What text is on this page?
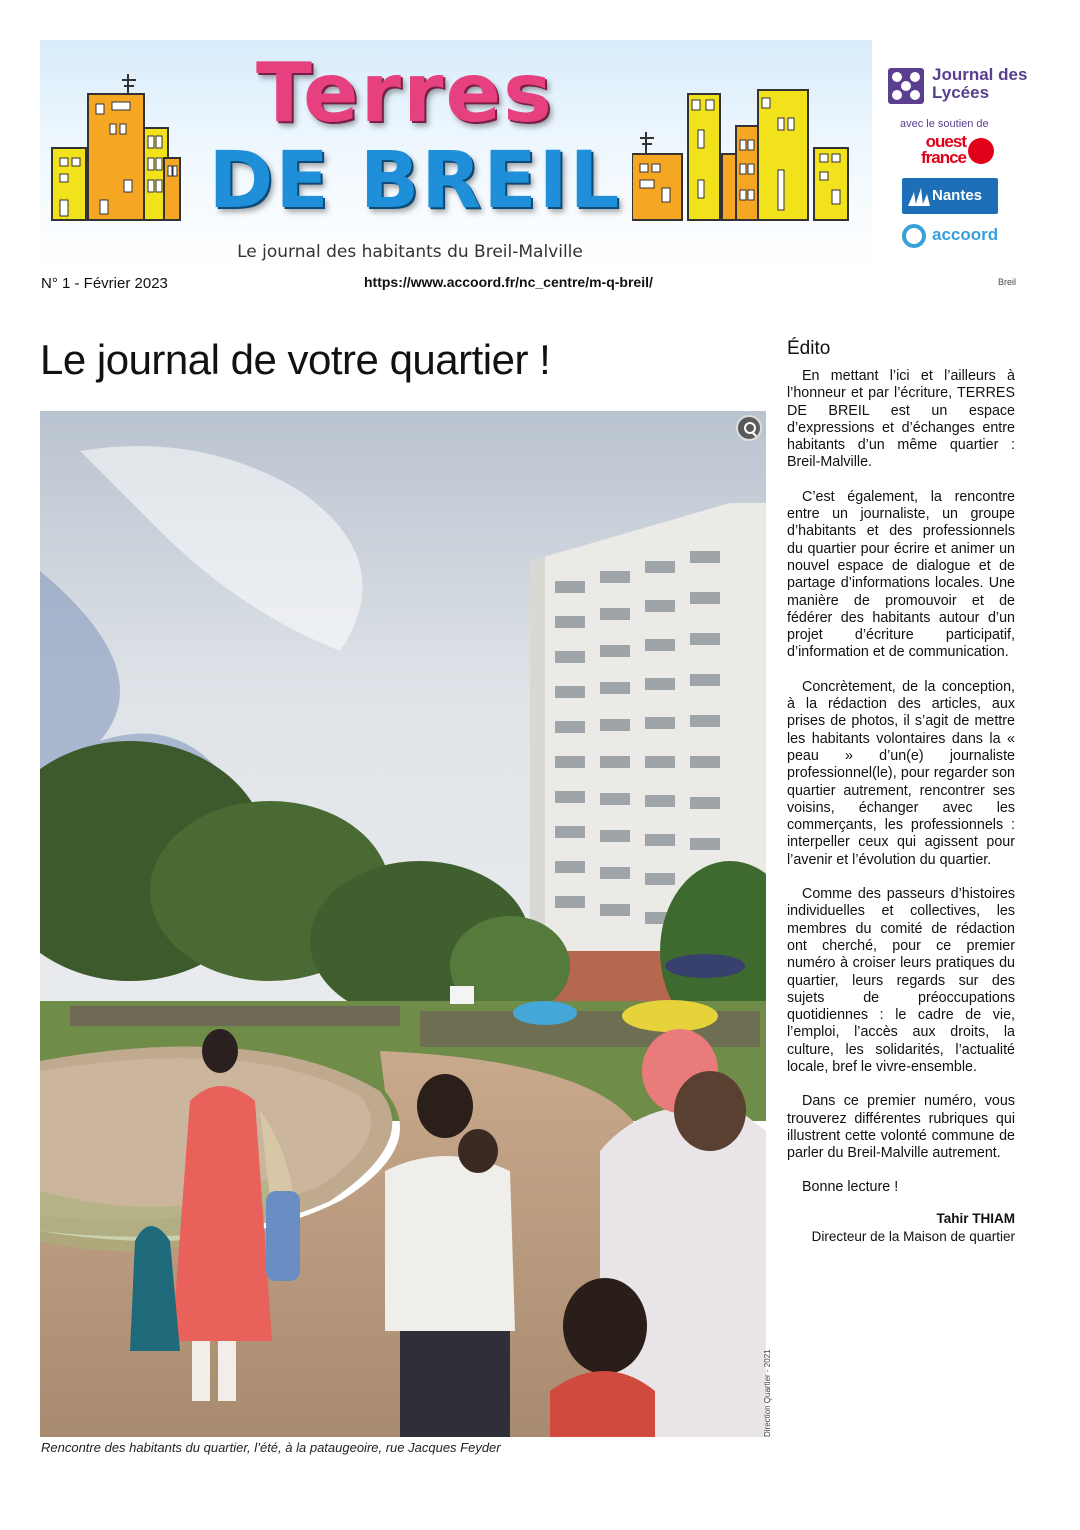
Terres
DE BREIL
Le journal des habitants du Breil-Malville
Journal des Lycées
avec le soutien de
ouest france
Nantes
accoord
N° 1 - Février 2023	https://www.accoord.fr/nc_centre/m-q-breil/	Breil
Le journal de votre quartier !
Direction Quartier - 2021
Rencontre des habitants du quartier, l’été, à la pataugeoire, rue Jacques Feyder
Édito

En mettant l’ici et l’ailleurs à l’honneur et par l’écriture, TERRES DE BREIL est un espace d’expressions et d’échanges entre habitants d’un même quartier : Breil-Malville.

C’est également, la rencontre entre un journaliste, un groupe d’habitants et des professionnels du quartier pour écrire et animer un nouvel espace de dialogue et de partage d’informations locales. Une manière de promouvoir et de fédérer des habitants autour d’un projet d’écriture participatif, d’information et de communication.

Concrètement, de la conception, à la rédaction des articles, aux prises de photos, il s’agit de mettre les habitants volontaires dans la « peau » d’un(e) journaliste professionnel(le), pour regarder son quartier autrement, rencontrer ses voisins, échanger avec les commerçants, les professionnels : interpeller ceux qui agissent pour l’avenir et l’évolution du quartier.

Comme des passeurs d’histoires individuelles et collectives, les membres du comité de rédaction ont cherché, pour ce premier numéro à croiser leurs pratiques du quartier, leurs regards sur des sujets de préoccupations quotidiennes : le cadre de vie, l’emploi, l’accès aux droits, la culture, les solidarités, l’actualité locale, bref le vivre-ensemble.

Dans ce premier numéro, vous trouverez différentes rubriques qui illustrent cette volonté commune de parler du Breil-Malville autrement.

Bonne lecture !

Tahir THIAM
Directeur de la Maison de quartier
